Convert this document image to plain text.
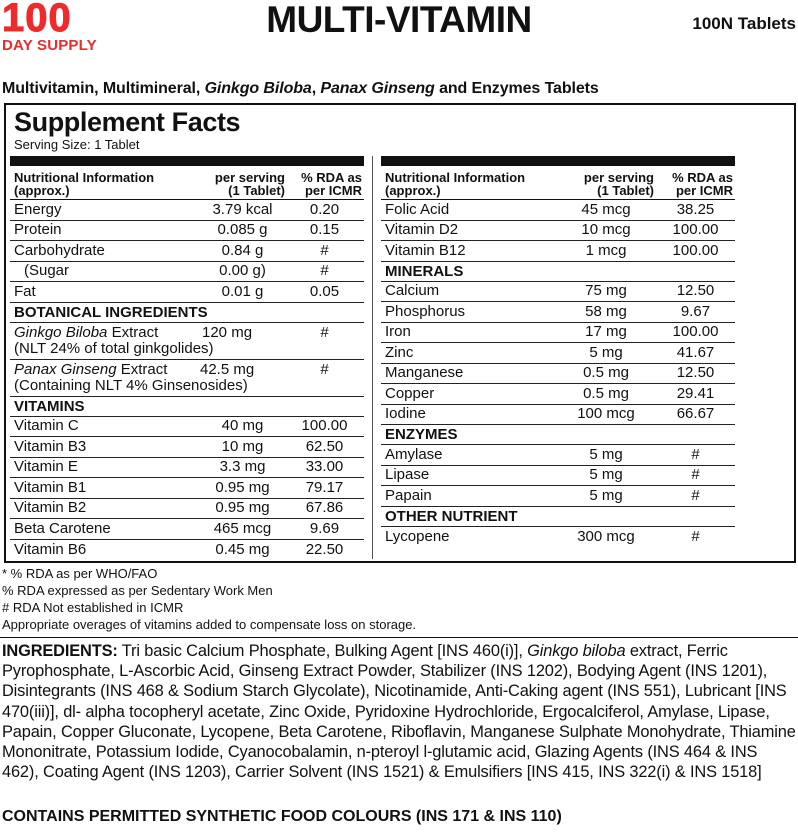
100
DAY SUPPLY
MULTI-VITAMIN	100N Tablets
Multivitamin, Multimineral, Ginkgo Biloba, Panax Ginseng and Enzymes Tablets
Supplement Facts
Serving Size: 1 Tablet
Nutritional Information
(approx.)
per serving
(1 Tablet)
% RDA as
per ICMR
Energy	3.79 kcal	0.20
Protein	0.085 g	0.15
Carbohydrate	0.84 g	#
(Sugar	0.00 g)	#
Fat	0.01 g	0.05
BOTANICAL INGREDIENTS
Ginkgo Biloba Extract
(NLT 24% of total ginkgolides)
120 mg	#
Panax Ginseng Extract
(Containing NLT 4% Ginsenosides)
42.5 mg	#
VITAMINS
Vitamin C	40 mg	100.00
Vitamin B3	10 mg	62.50
Vitamin E	3.3 mg	33.00
Vitamin B1	0.95 mg	79.17
Vitamin B2	0.95 mg	67.86
Beta Carotene	465 mcg	9.69
Vitamin B6	0.45 mg	22.50
Nutritional Information
(approx.)
per serving
(1 Tablet)
% RDA as
per ICMR
Folic Acid	45 mcg	38.25
Vitamin D2	10 mcg	100.00
Vitamin B12	1 mcg	100.00
MINERALS
Calcium	75 mg	12.50
Phosphorus	58 mg	9.67
Iron	17 mg	100.00
Zinc	5 mg	41.67
Manganese	0.5 mg	12.50
Copper	0.5 mg	29.41
Iodine	100 mcg	66.67
ENZYMES
Amylase	5 mg	#
Lipase	5 mg	#
Papain	5 mg	#
OTHER NUTRIENT
Lycopene	300 mcg	#
* % RDA as per WHO/FAO
% RDA expressed as per Sedentary Work Men
# RDA Not established in ICMR
Appropriate overages of vitamins added to compensate loss on storage.
INGREDIENTS: Tri basic Calcium Phosphate, Bulking Agent [INS 460(i)], Ginkgo biloba extract, Ferric Pyrophosphate, L-Ascorbic Acid, Ginseng Extract Powder, Stabilizer (INS 1202), Bodying Agent (INS 1201), Disintegrants (INS 468 & Sodium Starch Glycolate), Nicotinamide, Anti-Caking agent (INS 551), Lubricant [INS 470(iii)], dl- alpha tocopheryl acetate, Zinc Oxide, Pyridoxine Hydrochloride, Ergocalciferol, Amylase, Lipase, Papain, Copper Gluconate, Lycopene, Beta Carotene, Riboflavin, Manganese Sulphate Monohydrate, Thiamine Mononitrate, Potassium Iodide, Cyanocobalamin, n-pteroyl l-glutamic acid, Glazing Agents (INS 464 & INS 462), Coating Agent (INS 1203), Carrier Solvent (INS 1521) & Emulsifiers [INS 415, INS 322(i) & INS 1518]
CONTAINS PERMITTED SYNTHETIC FOOD COLOURS (INS 171 & INS 110)
